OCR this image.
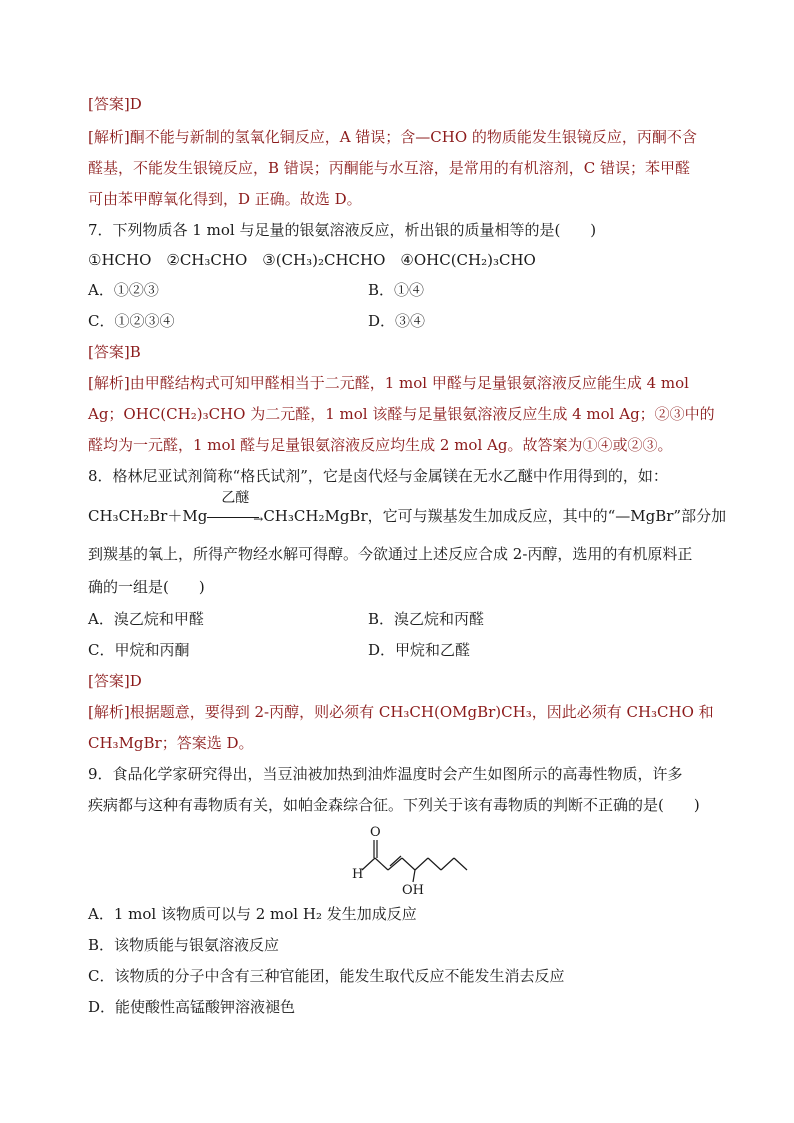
[答案]D
[解析]酮不能与新制的氢氧化铜反应，A 错误；含—CHO 的物质能发生银镜反应，丙酮不含
醛基，不能发生银镜反应，B 错误；丙酮能与水互溶，是常用的有机溶剂，C 错误；苯甲醛
可由苯甲醇氧化得到，D 正确。故选 D。
7．下列物质各 1 mol 与足量的银氨溶液反应，析出银的质量相等的是(　　)
①HCHO　②CH₃CHO　③(CH₃)₂CHCHO　④OHC(CH₂)₃CHO
A．①②③	B．①④
C．①②③④	D．③④
[答案]B
[解析]由甲醛结构式可知甲醛相当于二元醛，1 mol 甲醛与足量银氨溶液反应能生成 4 mol
Ag；OHC(CH₂)₃CHO 为二元醛，1 mol 该醛与足量银氨溶液反应生成 4 mol Ag；②③中的
醛均为一元醛，1 mol 醛与足量银氨溶液反应均生成 2 mol Ag。故答案为①④或②③。
8．格林尼亚试剂简称“格氏试剂”，它是卤代烃与金属镁在无水乙醚中作用得到的，如：
CH₃CH₂Br＋Mg
乙醚
→ CH₃CH₂MgBr，它可与羰基发生加成反应，其中的“—MgBr”部分加
到羰基的氧上，所得产物经水解可得醇。今欲通过上述反应合成 2-丙醇，选用的有机原料正
确的一组是(　　)
A．溴乙烷和甲醛	B．溴乙烷和丙醛
C．甲烷和丙酮	D．甲烷和乙醛
[答案]D
[解析]根据题意，要得到 2-丙醇，则必须有 CH₃CH(OMgBr)CH₃，因此必须有 CH₃CHO 和
CH₃MgBr；答案选 D。
9．食品化学家研究得出，当豆油被加热到油炸温度时会产生如图所示的高毒性物质，许多
疾病都与这种有毒物质有关，如帕金森综合征。下列关于该有毒物质的判断不正确的是(　　)
O
H
OH
A．1 mol 该物质可以与 2 mol H₂ 发生加成反应
B．该物质能与银氨溶液反应
C．该物质的分子中含有三种官能团，能发生取代反应不能发生消去反应
D．能使酸性高锰酸钾溶液褪色
